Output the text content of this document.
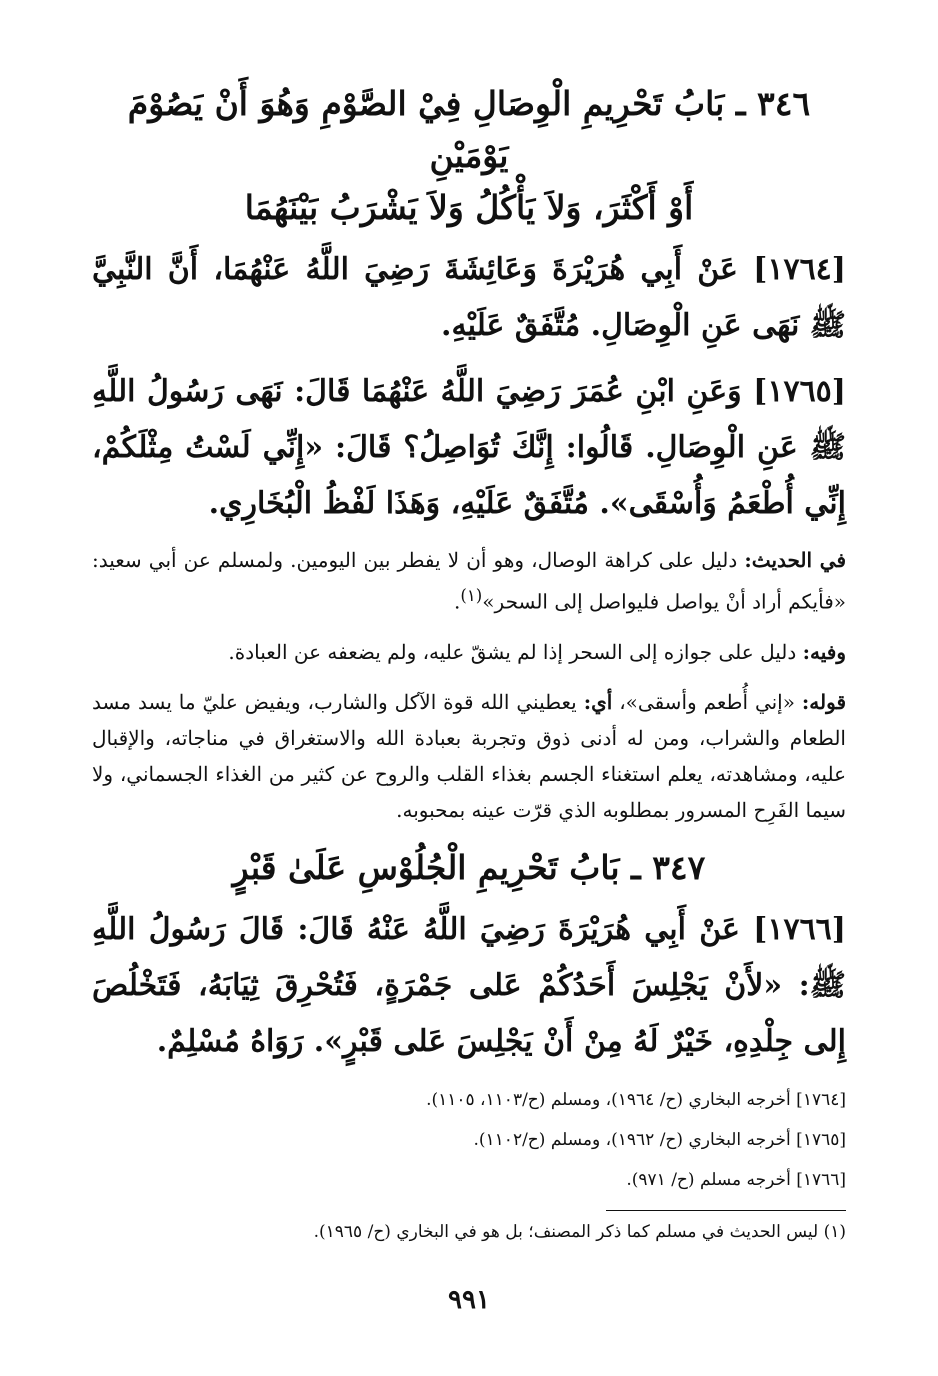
٣٤٦ ـ بَابُ تَحْرِيمِ الْوِصَالِ فِيْ الصَّوْمِ وَهُوَ أَنْ يَصُوْمَ يَوْمَيْنِ
أَوْ أَكْثَرَ، وَلاَ يَأْكُلُ وَلاَ يَشْرَبُ بَيْنَهُمَا

[١٧٦٤] عَنْ أَبِي هُرَيْرَةَ وَعَائِشَةَ رَضِيَ اللَّهُ عَنْهُمَا، أَنَّ النَّبِيَّ ﷺ نَهَى عَنِ الْوِصَالِ. مُتَّفَقٌ عَلَيْهِ.

[١٧٦٥] وَعَنِ ابْنِ عُمَرَ رَضِيَ اللَّهُ عَنْهُمَا قَالَ: نَهَى رَسُولُ اللَّهِ ﷺ عَنِ الْوِصَالِ. قَالُوا: إِنَّكَ تُوَاصِلُ؟ قَالَ: «إِنِّي لَسْتُ مِثْلَكُمْ، إِنِّي أُطْعَمُ وَأُسْقَى». مُتَّفَقٌ عَلَيْهِ، وَهَذَا لَفْظُ الْبُخَارِي.

في الحديث: دليل على كراهة الوصال، وهو أن لا يفطر بين اليومين. ولمسلم عن أبي سعيد: «فأيكم أراد أنْ يواصل فليواصل إلى السحر»$^{(١)}$.

وفيه: دليل على جوازه إلى السحر إذا لم يشقّ عليه، ولم يضعفه عن العبادة.

قوله: «إني أُطعم وأسقى»، أي: يعطيني الله قوة الآكل والشارب، ويفيض عليّ ما يسد مسد الطعام والشراب، ومن له أدنى ذوق وتجربة بعبادة الله والاستغراق في مناجاته، والإقبال عليه، ومشاهدته، يعلم استغناء الجسم بغذاء القلب والروح عن كثير من الغذاء الجسماني، ولا سيما الفَرِح المسرور بمطلوبه الذي قرّت عينه بمحبوبه.

٣٤٧ ـ بَابُ تَحْرِيمِ الْجُلُوْسِ عَلَىٰ قَبْرٍ

[١٧٦٦] عَنْ أَبِي هُرَيْرَةَ رَضِيَ اللَّهُ عَنْهُ قَالَ: قَالَ رَسُولُ اللَّهِ ﷺ: «لأَنْ يَجْلِسَ أَحَدُكُمْ عَلى جَمْرَةٍ، فَتُحْرِقَ ثِيَابَهُ، فَتَخْلُصَ إِلى جِلْدِهِ، خَيْرٌ لَهُ مِنْ أَنْ يَجْلِسَ عَلى قَبْرٍ». رَوَاهُ مُسْلِمٌ.

[١٧٦٤] أخرجه البخاري (ح/ ١٩٦٤)، ومسلم (ح/١١٠٣، ١١٠٥).

[١٧٦٥] أخرجه البخاري (ح/ ١٩٦٢)، ومسلم (ح/١١٠٢).

[١٧٦٦] أخرجه مسلم (ح/ ٩٧١).

(١) ليس الحديث في مسلم كما ذكر المصنف؛ بل هو في البخاري (ح/ ١٩٦٥).

٩٩١
